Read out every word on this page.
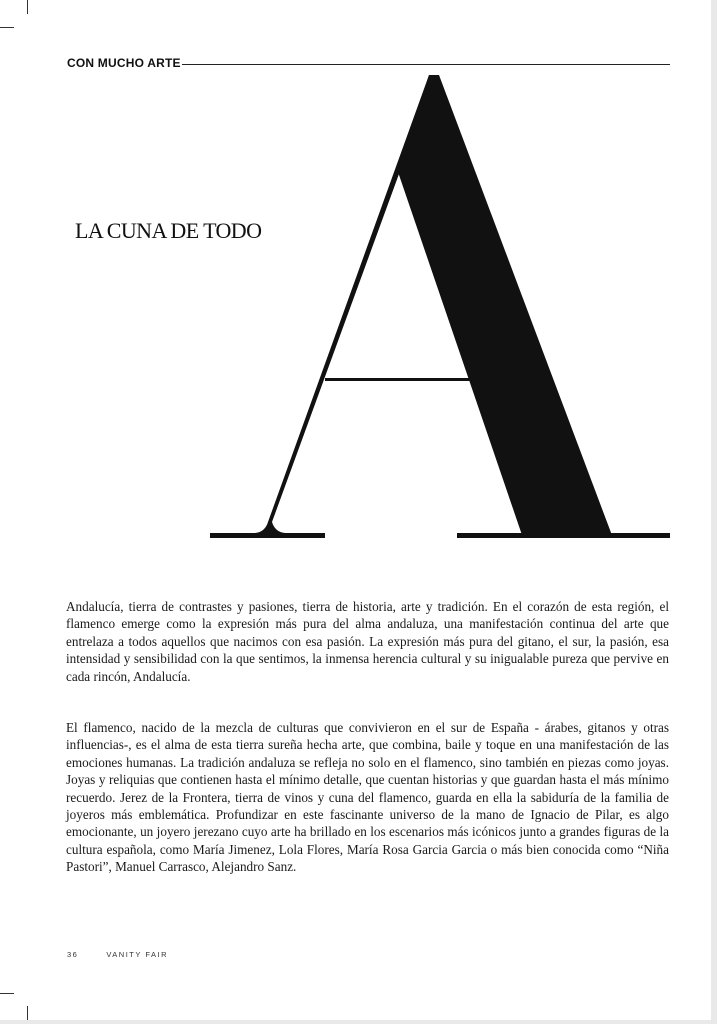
CON MUCHO ARTE
LA CUNA DE TODO

Andalucía, tierra de contrastes y pasiones, tierra de historia, arte y tradición. En el corazón de esta región, el flamenco emerge como la expresión más pura del alma andaluza, una manifestación continua del arte que entrelaza a todos aquellos que nacimos con esa pasión. La expresión más pura del gitano, el sur, la pasión, esa intensidad y sensibilidad con la que sentimos, la inmensa herencia cultural y su inigualable pureza que pervive en cada rincón, Andalucía.

El flamenco, nacido de la mezcla de culturas que convivieron en el sur de España - árabes, gitanos y otras influencias-, es el alma de esta tierra sureña hecha arte, que combina, baile y toque en una manifestación de las emociones humanas. La tradición andaluza se refleja no solo en el flamenco, sino también en piezas como joyas. Joyas y reliquias que contienen hasta el mínimo detalle, que cuentan historias y que guardan hasta el más mínimo recuerdo. Jerez de la Frontera, tierra de vinos y cuna del flamenco, guarda en ella la sabiduría de la familia de joyeros más emblemática. Profundizar en este fascinante universo de la mano de Ignacio de Pilar, es algo emocionante, un joyero jerezano cuyo arte ha brillado en los escenarios más icónicos junto a grandes figuras de la cultura española, como María Jimenez, Lola Flores, María Rosa Garcia Garcia o más bien conocida como “Niña Pastori”, Manuel Carrasco, Alejandro Sanz.

36	VANITY FAIR
